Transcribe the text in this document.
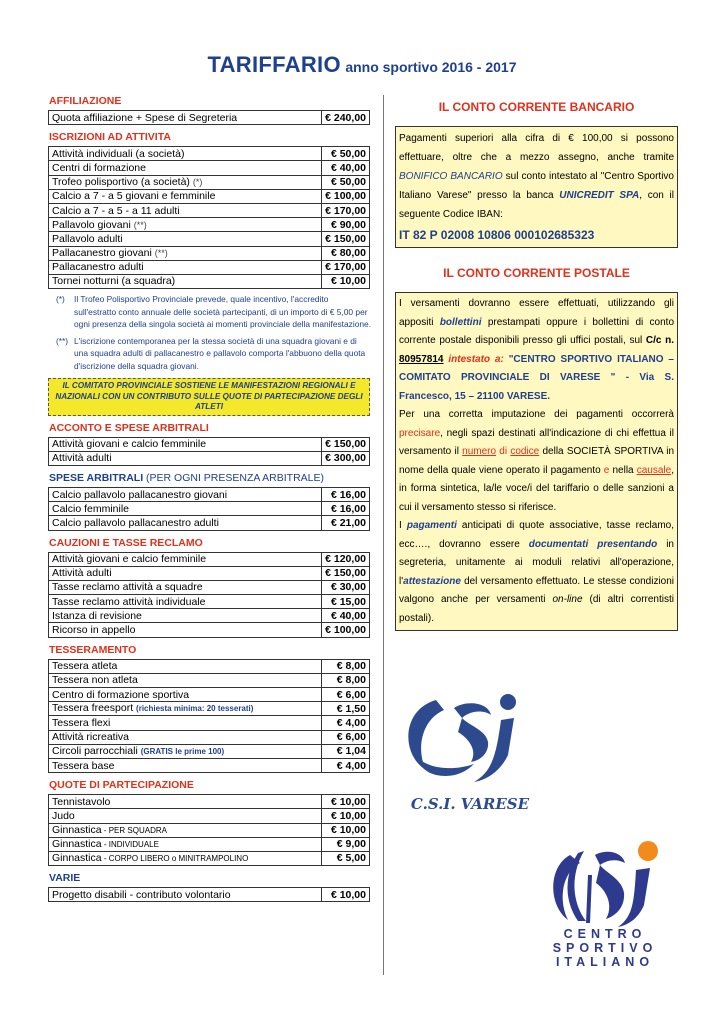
TARIFFARIO anno sportivo 2016 - 2017
AFFILIAZIONE
Quota affiliazione + Spese di Segreteria	€ 240,00
ISCRIZIONI AD ATTIVITA
Attività individuali (a società)	€ 50,00
Centri di formazione	€ 40,00
Trofeo polisportivo (a società) (*)	€ 50,00
Calcio a 7 - a 5 giovani e femminile	€ 100,00
Calcio a 7 - a 5 - a 11 adulti	€ 170,00
Pallavolo giovani (**)	€ 90,00
Pallavolo adulti	€ 150,00
Pallacanestro giovani (**)	€ 80,00
Pallacanestro adulti	€ 170,00
Tornei notturni (a squadra)	€ 10,00
(*)	Il Trofeo Polisportivo Provinciale prevede, quale incentivo, l'accredito sull'estratto conto annuale delle società partecipanti, di un importo di € 5,00 per ogni presenza della singola società ai momenti provinciale della manifestazione.
(**) L'iscrizione contemporanea per la stessa società di una squadra giovani e di una squadra adulti di pallacanestro e pallavolo comporta l'abbuono della quota d'iscrizione della squadra giovani.
IL COMITATO PROVINCIALE SOSTIENE LE MANIFESTAZIONI REGIONALI E NAZIONALI CON UN CONTRIBUTO SULLE QUOTE DI PARTECIPAZIONE DEGLI ATLETI
ACCONTO E SPESE ARBITRALI
Attività giovani e calcio femminile	€ 150,00
Attività adulti	€ 300,00
SPESE ARBITRALI (PER OGNI PRESENZA ARBITRALE)
Calcio pallavolo pallacanestro giovani	€ 16,00
Calcio femminile	€ 16,00
Calcio pallavolo pallacanestro adulti	€ 21,00
CAUZIONI E TASSE RECLAMO
Attività giovani e calcio femminile	€ 120,00
Attività adulti	€ 150,00
Tasse reclamo attività a squadre	€ 30,00
Tasse reclamo attività individuale	€ 15,00
Istanza di revisione	€ 40,00
Ricorso in appello	€ 100,00
TESSERAMENTO
Tessera atleta	€ 8,00
Tessera non atleta	€ 8,00
Centro di formazione sportiva	€ 6,00
Tessera freesport (richiesta minima: 20 tesserati)	€ 1,50
Tessera flexi	€ 4,00
Attività ricreativa	€ 6,00
Circoli parrocchiali (GRATIS le prime 100)	€ 1,04
Tessera base	€ 4,00
QUOTE DI PARTECIPAZIONE
Tennistavolo	€ 10,00
Judo	€ 10,00
Ginnastica - PER SQUADRA	€ 10,00
Ginnastica - INDIVIDUALE	€ 9,00
Ginnastica - CORPO LIBERO o MINITRAMPOLINO	€ 5,00
VARIE
Progetto disabili - contributo volontario	€ 10,00
IL CONTO CORRENTE BANCARIO
Pagamenti superiori alla cifra di € 100,00 si possono effettuare, oltre che a mezzo assegno, anche tramite BONIFICO BANCARIO sul conto intestato al "Centro Sportivo Italiano Varese" presso la banca UNICREDIT SPA, con il seguente Codice IBAN:
IT 82 P 02008 10806 000102685323
IL CONTO CORRENTE POSTALE
I versamenti dovranno essere effettuati, utilizzando gli appositi bollettini prestampati oppure i bollettini di conto corrente postale disponibili presso gli uffici postali, sul C/c n. 80957814 intestato a: "CENTRO SPORTIVO ITALIANO – COMITATO PROVINCIALE DI VARESE " - Via S. Francesco, 15 – 21100 VARESE.
Per una corretta imputazione dei pagamenti occorrerà precisare, negli spazi destinati all'indicazione di chi effettua il versamento il numero di codice della SOCIETÀ SPORTIVA in nome della quale viene operato il pagamento e nella causale, in forma sintetica, la/le voce/i del tariffario o delle sanzioni a cui il versamento stesso si riferisce.
I pagamenti anticipati di quote associative, tasse reclamo, ecc…., dovranno essere documentati presentando in segreteria, unitamente ai moduli relativi all'operazione, l'attestazione del versamento effettuato. Le stesse condizioni valgono anche per versamenti on-line (di altri correntisti postali).
C.S.I. VARESE
CENTRO
SPORTIVO
ITALIANO
